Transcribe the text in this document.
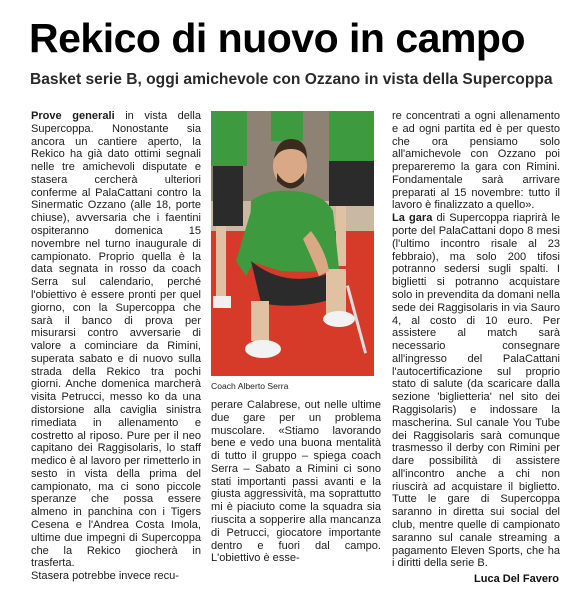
Rekico di nuovo in campo
Basket serie B, oggi amichevole con Ozzano in vista della Supercoppa

Prove generali in vista della Supercoppa. Nonostante sia ancora un cantiere aperto, la Rekico ha già dato ottimi segnali nelle tre amichevoli disputate e stasera cercherà ulteriori conferme al PalaCattani contro la Sinermatic Ozzano (alle 18, porte chiuse), avversaria che i faentini ospiteranno domenica 15 novembre nel turno inaugurale di campionato. Proprio quella è la data segnata in rosso da coach Serra sul calendario, perché l'obiettivo è essere pronti per quel giorno, con la Supercoppa che sarà il banco di prova per misurarsi contro avversarie di valore a cominciare da Rimini, superata sabato e di nuovo sulla strada della Rekico tra pochi giorni. Anche domenica marcherà visita Petrucci, messo ko da una distorsione alla caviglia sinistra rimediata in allenamento e costretto al riposo. Pure per il neo capitano dei Raggisolaris, lo staff medico è al lavoro per rimetterlo in sesto in vista della prima del campionato, ma ci sono piccole speranze che possa essere almeno in panchina con i Tigers Cesena e l'Andrea Costa Imola, ultime due impegni di Supercoppa che la Rekico giocherà in trasferta.

Stasera potrebbe invece recu-

Coach Alberto Serra

perare Calabrese, out nelle ultime due gare per un problema muscolare. «Stiamo lavorando bene e vedo una buona mentalità di tutto il gruppo – spiega coach Serra – Sabato a Rimini ci sono stati importanti passi avanti e la giusta aggressività, ma soprattutto mi è piaciuto come la squadra sia riuscita a sopperire alla mancanza di Petrucci, giocatore importante dentro e fuori dal campo. L'obiettivo è esse-

re concentrati a ogni allenamento e ad ogni partita ed è per questo che ora pensiamo solo all'amichevole con Ozzano poi prepareremo la gara con Rimini. Fondamentale sarà arrivare preparati al 15 novembre: tutto il lavoro è finalizzato a quello».

La gara di Supercoppa riaprirà le porte del PalaCattani dopo 8 mesi (l'ultimo incontro risale al 23 febbraio), ma solo 200 tifosi potranno sedersi sugli spalti. I biglietti si potranno acquistare solo in prevendita da domani nella sede dei Raggisolaris in via Sauro 4, al costo di 10 euro. Per assistere al match sarà necessario consegnare all'ingresso del PalaCattani l'autocertificazione sul proprio stato di salute (da scaricare dalla sezione 'biglietteria' nel sito dei Raggisolaris) e indossare la mascherina. Sul canale You Tube dei Raggisolaris sarà comunque trasmesso il derby con Rimini per dare possibilità di assistere all'incontro anche a chi non riuscirà ad acquistare il biglietto. Tutte le gare di Supercoppa saranno in diretta sui social del club, mentre quelle di campionato saranno sul canale streaming a pagamento Eleven Sports, che ha i diritti della serie B.

Luca Del Favero
